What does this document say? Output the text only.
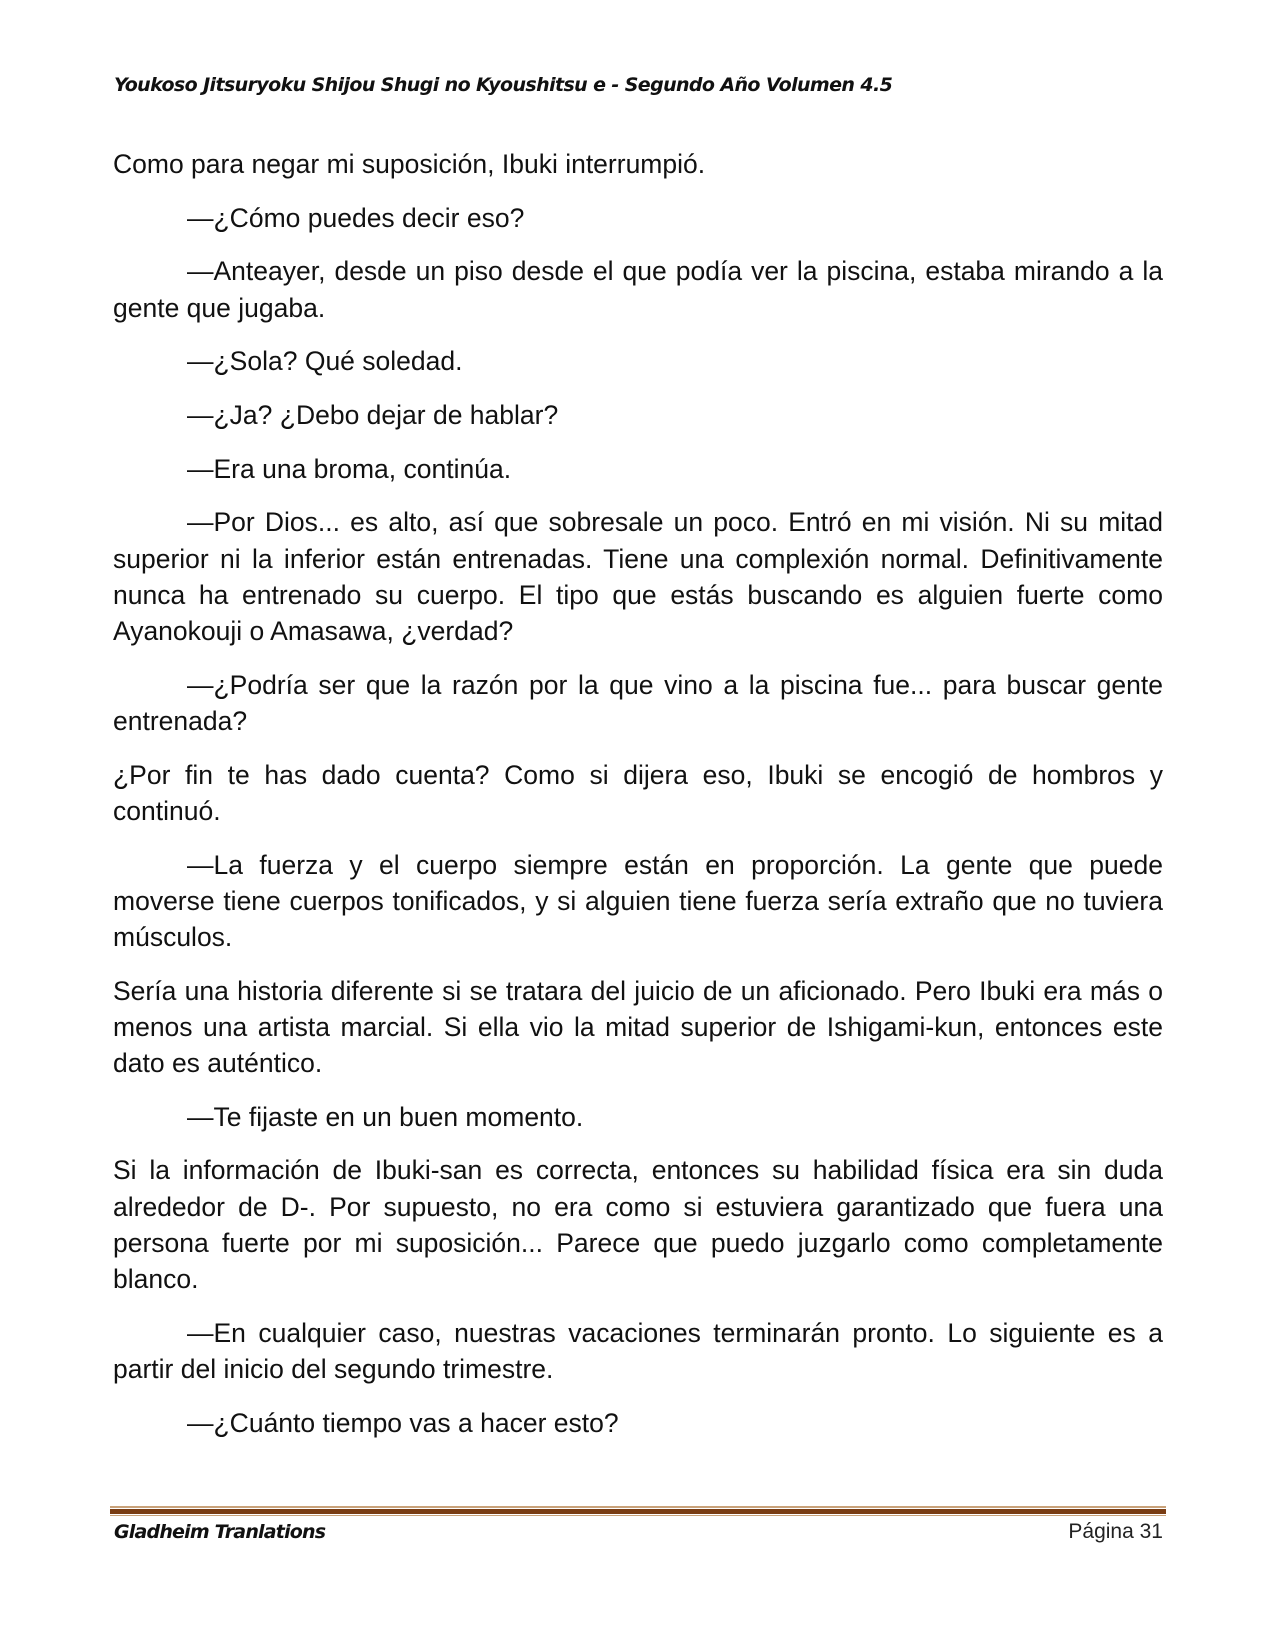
Youkoso Jitsuryoku Shijou Shugi no Kyoushitsu e - Segundo Año Volumen 4.5

Como para negar mi suposición, Ibuki interrumpió.

—¿Cómo puedes decir eso?

—Anteayer, desde un piso desde el que podía ver la piscina, estaba mirando a la gente que jugaba.

—¿Sola? Qué soledad.

—¿Ja? ¿Debo dejar de hablar?

—Era una broma, continúa.

—Por Dios... es alto, así que sobresale un poco. Entró en mi visión. Ni su mitad superior ni la inferior están entrenadas. Tiene una complexión normal. Definitivamente nunca ha entrenado su cuerpo. El tipo que estás buscando es alguien fuerte como Ayanokouji o Amasawa, ¿verdad?

—¿Podría ser que la razón por la que vino a la piscina fue... para buscar gente entrenada?

¿Por fin te has dado cuenta? Como si dijera eso, Ibuki se encogió de hombros y continuó.

—La fuerza y el cuerpo siempre están en proporción. La gente que puede moverse tiene cuerpos tonificados, y si alguien tiene fuerza sería extraño que no tuviera músculos.

Sería una historia diferente si se tratara del juicio de un aficionado. Pero Ibuki era más o menos una artista marcial. Si ella vio la mitad superior de Ishigami-kun, entonces este dato es auténtico.

—Te fijaste en un buen momento.

Si la información de Ibuki-san es correcta, entonces su habilidad física era sin duda alrededor de D-. Por supuesto, no era como si estuviera garantizado que fuera una persona fuerte por mi suposición... Parece que puedo juzgarlo como completamente blanco.

—En cualquier caso, nuestras vacaciones terminarán pronto. Lo siguiente es a partir del inicio del segundo trimestre.

—¿Cuánto tiempo vas a hacer esto?

Gladheim Tranlations	Página 31
